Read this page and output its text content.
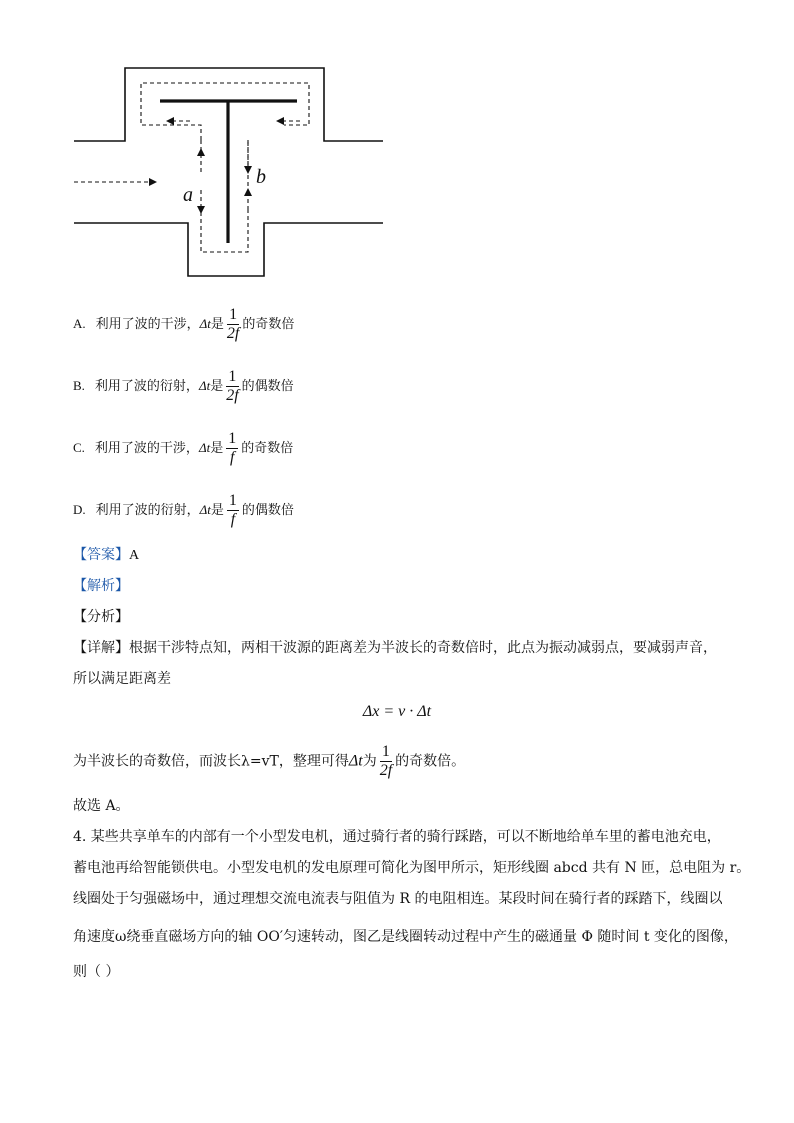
a
b
A. 利用了波的干涉，Δt是 $\frac{1}{2f}$ 的奇数倍
B. 利用了波的衍射，Δt是 $\frac{1}{2f}$ 的偶数倍
C. 利用了波的干涉，Δt是 $\frac{1}{f}$ 的奇数倍
D. 利用了波的衍射，Δt是 $\frac{1}{f}$ 的偶数倍
【答案】A
【解析】
【分析】
【详解】根据干涉特点知，两相干波源的距离差为半波长的奇数倍时，此点为振动减弱点，要减弱声音，
所以满足距离差
Δx = v · Δt
为半波长的奇数倍，而波长λ=vT，整理可得Δt为 $\frac{1}{2f}$ 的奇数倍。
故选 A。
4. 某些共享单车的内部有一个小型发电机，通过骑行者的骑行踩踏，可以不断地给单车里的蓄电池充电，
蓄电池再给智能锁供电。小型发电机的发电原理可简化为图甲所示，矩形线圈 abcd 共有 N 匝，总电阻为 r。
线圈处于匀强磁场中，通过理想交流电流表与阻值为 R 的电阻相连。某段时间在骑行者的踩踏下，线圈以
角速度ω绕垂直磁场方向的轴 OO′匀速转动，图乙是线圈转动过程中产生的磁通量 Φ 随时间 t 变化的图像，
则（ ）
